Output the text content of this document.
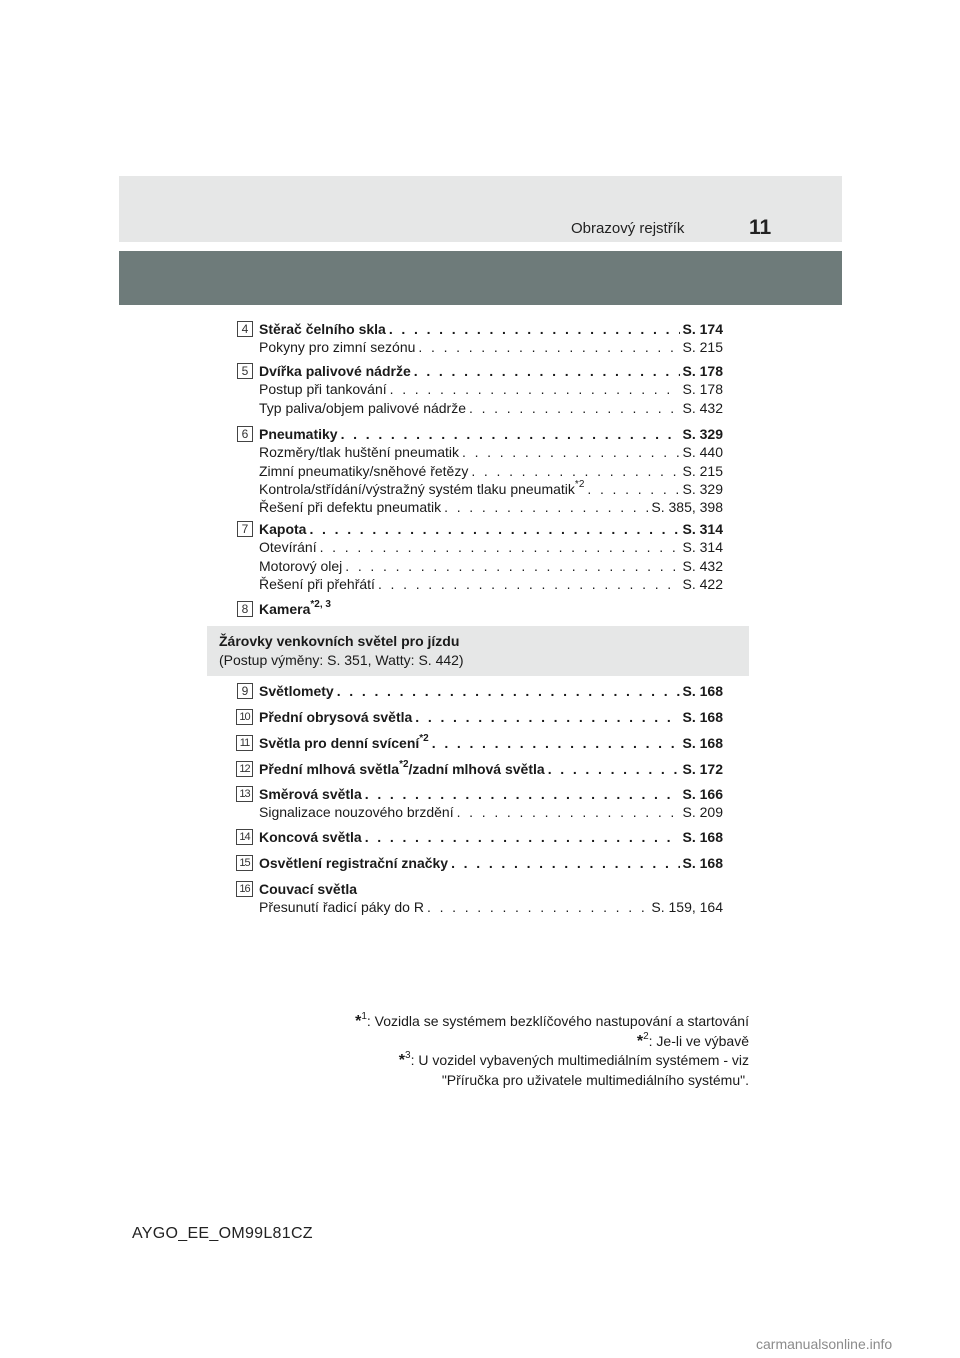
Obrazový rejstřík	11
4 Stěrač čelního skla . . .	S. 174
Pokyny pro zimní sezónu . . .	S. 215
5 Dvířka palivové nádrže . . .	S. 178
Postup při tankování . . .	S. 178
Typ paliva/objem palivové nádrže . . .	S. 432
6 Pneumatiky . . .	S. 329
Rozměry/tlak huštění pneumatik . . .	S. 440
Zimní pneumatiky/sněhové řetězy . . .	S. 215
Kontrola/střídání/výstražný systém tlaku pneumatik$^{*2}$ . . .	S. 329
Řešení při defektu pneumatik . . .	S. 385, 398
7 Kapota . . .	S. 314
Otevírání . . .	S. 314
Motorový olej . . .	S. 432
Řešení při přehřátí . . .	S. 422
8 Kamera$^{*2, 3}$
9 Světlomety . . .	S. 168
10 Přední obrysová světla . . .	S. 168
11 Světla pro denní svícení$^{*2}$ . . .	S. 168
12 Přední mlhová světla$^{*2}$/zadní mlhová světla . . .	S. 172
13 Směrová světla . . .	S. 166
Signalizace nouzového brzdění . . .	S. 209
14 Koncová světla . . .	S. 168
15 Osvětlení registrační značky . . .	S. 168
16 Couvací světla
Přesunutí řadicí páky do R . . .	S. 159, 164
Žárovky venkovních světel pro jízdu
(Postup výměny: S. 351, Watty: S. 442)
*$^1$: Vozidla se systémem bezklíčového nastupování a startování
*$^2$: Je-li ve výbavě
*$^3$: U vozidel vybavených multimediálním systémem - viz
"Příručka pro uživatele multimediálního systému".
AYGO_EE_OM99L81CZ
carmanualsonline.info
